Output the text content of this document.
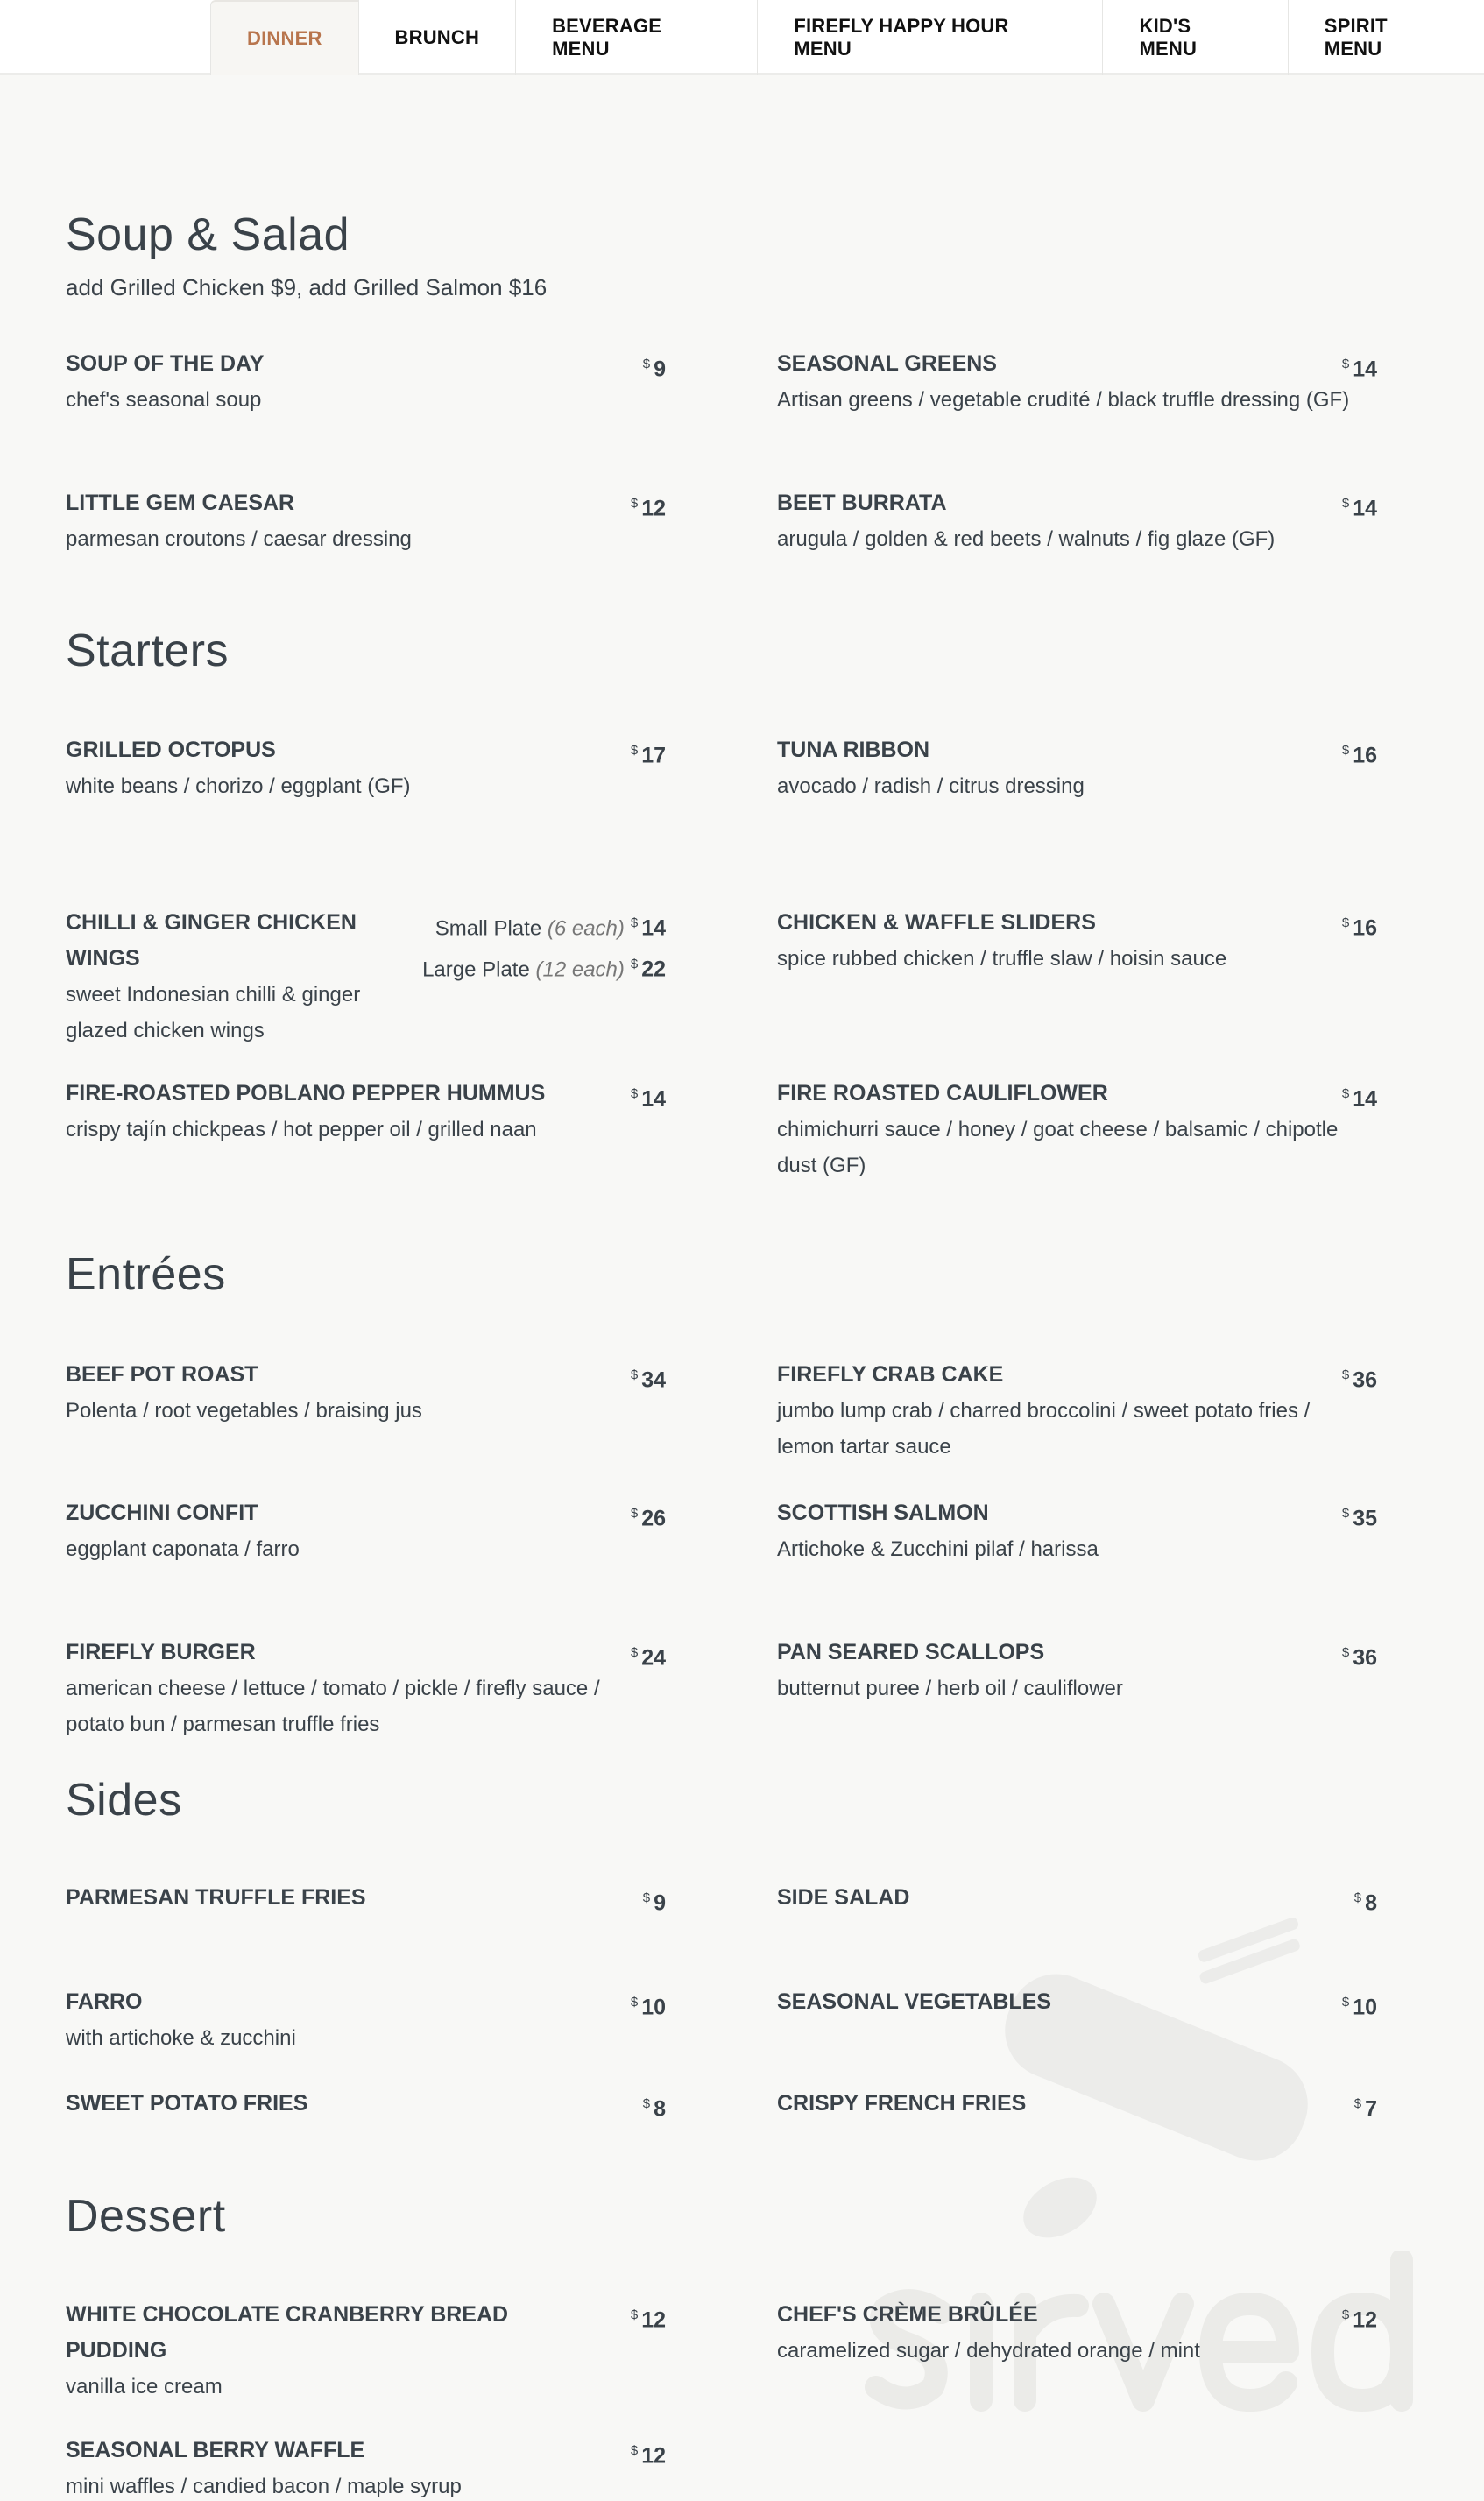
DINNER	BRUNCH
BEVERAGE MENU
FIREFLY HAPPY HOUR MENU
KID'S MENU
SPIRIT MENU
Soup & Salad
add Grilled Chicken $9, add Grilled Salmon $16
SOUP OF THE DAY
chef's seasonal soup
$ 9	SEASONAL GREENS
Artisan greens / vegetable crudité / black truffle dressing (GF)
$ 14
LITTLE GEM CAESAR
parmesan croutons / caesar dressing
$ 12	BEET BURRATA
arugula / golden & red beets / walnuts / fig glaze (GF)
$ 14
Starters
GRILLED OCTOPUS
white beans / chorizo / eggplant (GF)
$ 17	TUNA RIBBON
avocado / radish / citrus dressing
$ 16
CHILLI & GINGER CHICKEN WINGS
sweet Indonesian chilli & ginger glazed chicken wings
Small Plate (6 each) $ 14
Large Plate (12 each) $ 22
CHICKEN & WAFFLE SLIDERS
spice rubbed chicken / truffle slaw / hoisin sauce
$ 16
FIRE-ROASTED POBLANO PEPPER HUMMUS
crispy tajín chickpeas / hot pepper oil / grilled naan
$ 14	FIRE ROASTED CAULIFLOWER
chimichurri sauce / honey / goat cheese / balsamic / chipotle dust (GF)
$ 14
Entrées
BEEF POT ROAST
Polenta / root vegetables / braising jus
$ 34	FIREFLY CRAB CAKE
jumbo lump crab / charred broccolini / sweet potato fries / lemon tartar sauce
$ 36
ZUCCHINI CONFIT
eggplant caponata / farro
$ 26	SCOTTISH SALMON
Artichoke & Zucchini pilaf / harissa
$ 35
FIREFLY BURGER
american cheese / lettuce / tomato / pickle / firefly sauce / potato bun / parmesan truffle fries
$ 24	PAN SEARED SCALLOPS
butternut puree / herb oil / cauliflower
$ 36
Sides
PARMESAN TRUFFLE FRIES	$ 9	SIDE SALAD	$ 8
FARRO
with artichoke & zucchini
$ 10	SEASONAL VEGETABLES	$ 10
SWEET POTATO FRIES	$ 8	CRISPY FRENCH FRIES	$ 7
Dessert
WHITE CHOCOLATE CRANBERRY BREAD PUDDING
vanilla ice cream
$ 12	CHEF'S CRÈME BRÛLÉE
caramelized sugar / dehydrated orange / mint
$ 12
SEASONAL BERRY WAFFLE
mini waffles / candied bacon / maple syrup
$ 12
